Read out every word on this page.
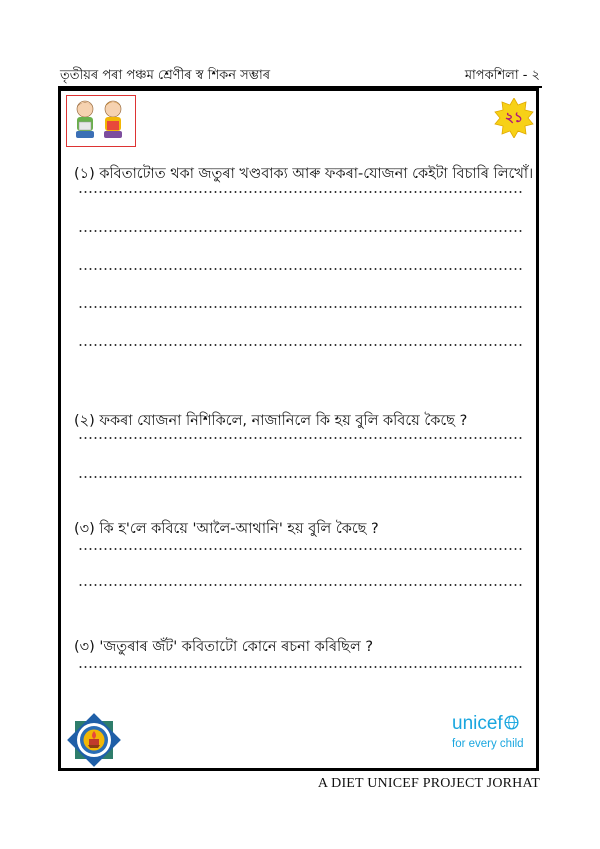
তৃতীয়ৰ পৰা পঞ্চম শ্ৰেণীৰ স্ব শিকন সম্ভাৰ	মাপকশিলা - ২
২১
(১) কবিতাটোত থকা জতুৰা খণ্ডবাক্য আৰু ফকৰা-যোজনা কেইটা বিচাৰি লিখোঁ।
(২) ফকৰা যোজনা নিশিকিলে, নাজানিলে কি হয় বুলি কবিয়ে কৈছে ?
(৩) কি হ'লে কবিয়ে 'আলৈ-আথানি' হয় বুলি কৈছে ?
(৩) 'জতুৰাৰ জঁট' কবিতাটো কোনে ৰচনা কৰিছিল ?
unicef
for every child
A DIET UNICEF PROJECT JORHAT
